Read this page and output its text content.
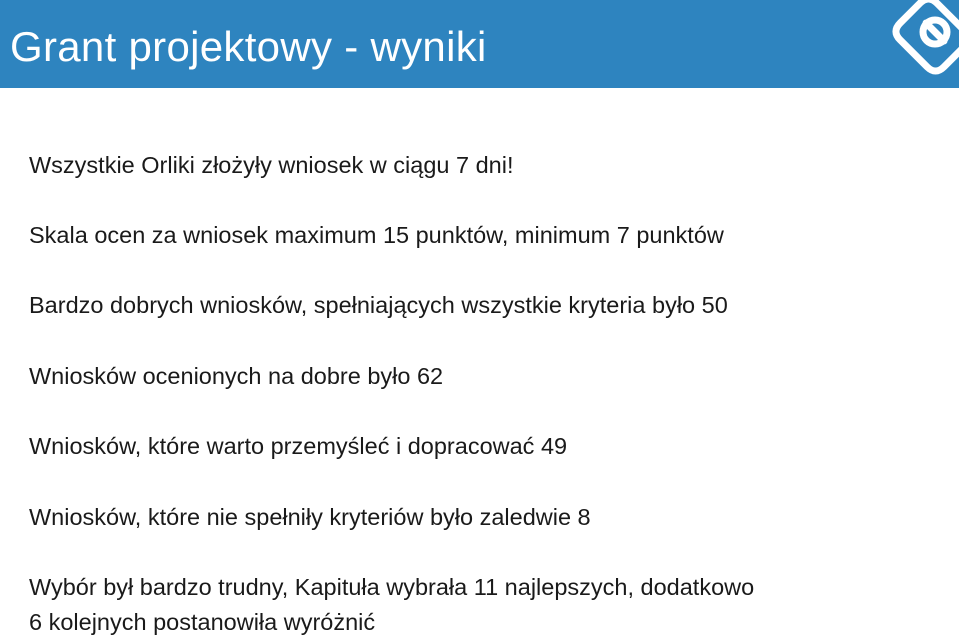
Grant projektowy - wyniki
Wszystkie Orliki złożyły wniosek w ciągu 7 dni!
Skala ocen za wniosek maximum 15 punktów, minimum 7 punktów
Bardzo dobrych wniosków, spełniających wszystkie kryteria było 50
Wniosków ocenionych na dobre było 62
Wniosków, które warto przemyśleć i dopracować 49
Wniosków, które nie spełniły kryteriów było zaledwie 8
Wybór był bardzo trudny, Kapituła wybrała 11 najlepszych, dodatkowo
6 kolejnych postanowiła wyróżnić
